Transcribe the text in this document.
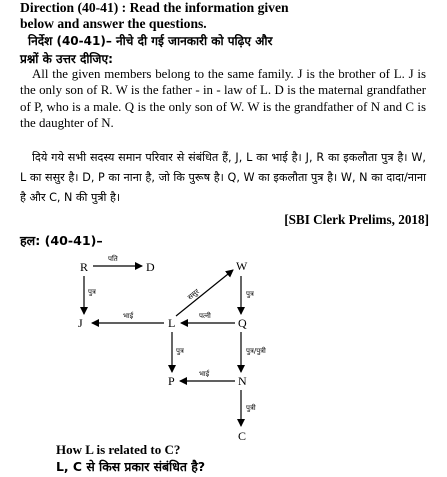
Direction (40-41) : Read the information given
below and answer the questions.
निर्देश (40-41)– नीचे दी गई जानकारी को पढ़िए और
प्रश्नों के उत्तर दीजिए:
All the given members belong to the same family. J is the brother of L. J is the only son of R. W is the father - in - law of L. D is the maternal grandfather of P, who is a male. Q is the only son of W. W is the grandfather of N and C is the daughter of N.
दिये गये सभी सदस्य समान परिवार से संबंधित हैं, J, L का भाई है। J, R का इकलौता पुत्र है। W, L का ससुर है। D, P का नाना है, जो कि पुरूष है। Q, W का इकलौता पुत्र है। W, N का दादा/नाना है और C, N की पुत्री है।
[SBI Clerk Prelims, 2018]
हल: (40-41)–
R	D	W
J	L	Q
P	N
C
पति
पुत्र	ससुर	पुत्र
भाई	पत्नी
पुत्र	पुत्र/पुत्री
भाई
पुत्री
How L is related to C?
L, C से किस प्रकार संबंधित है?
